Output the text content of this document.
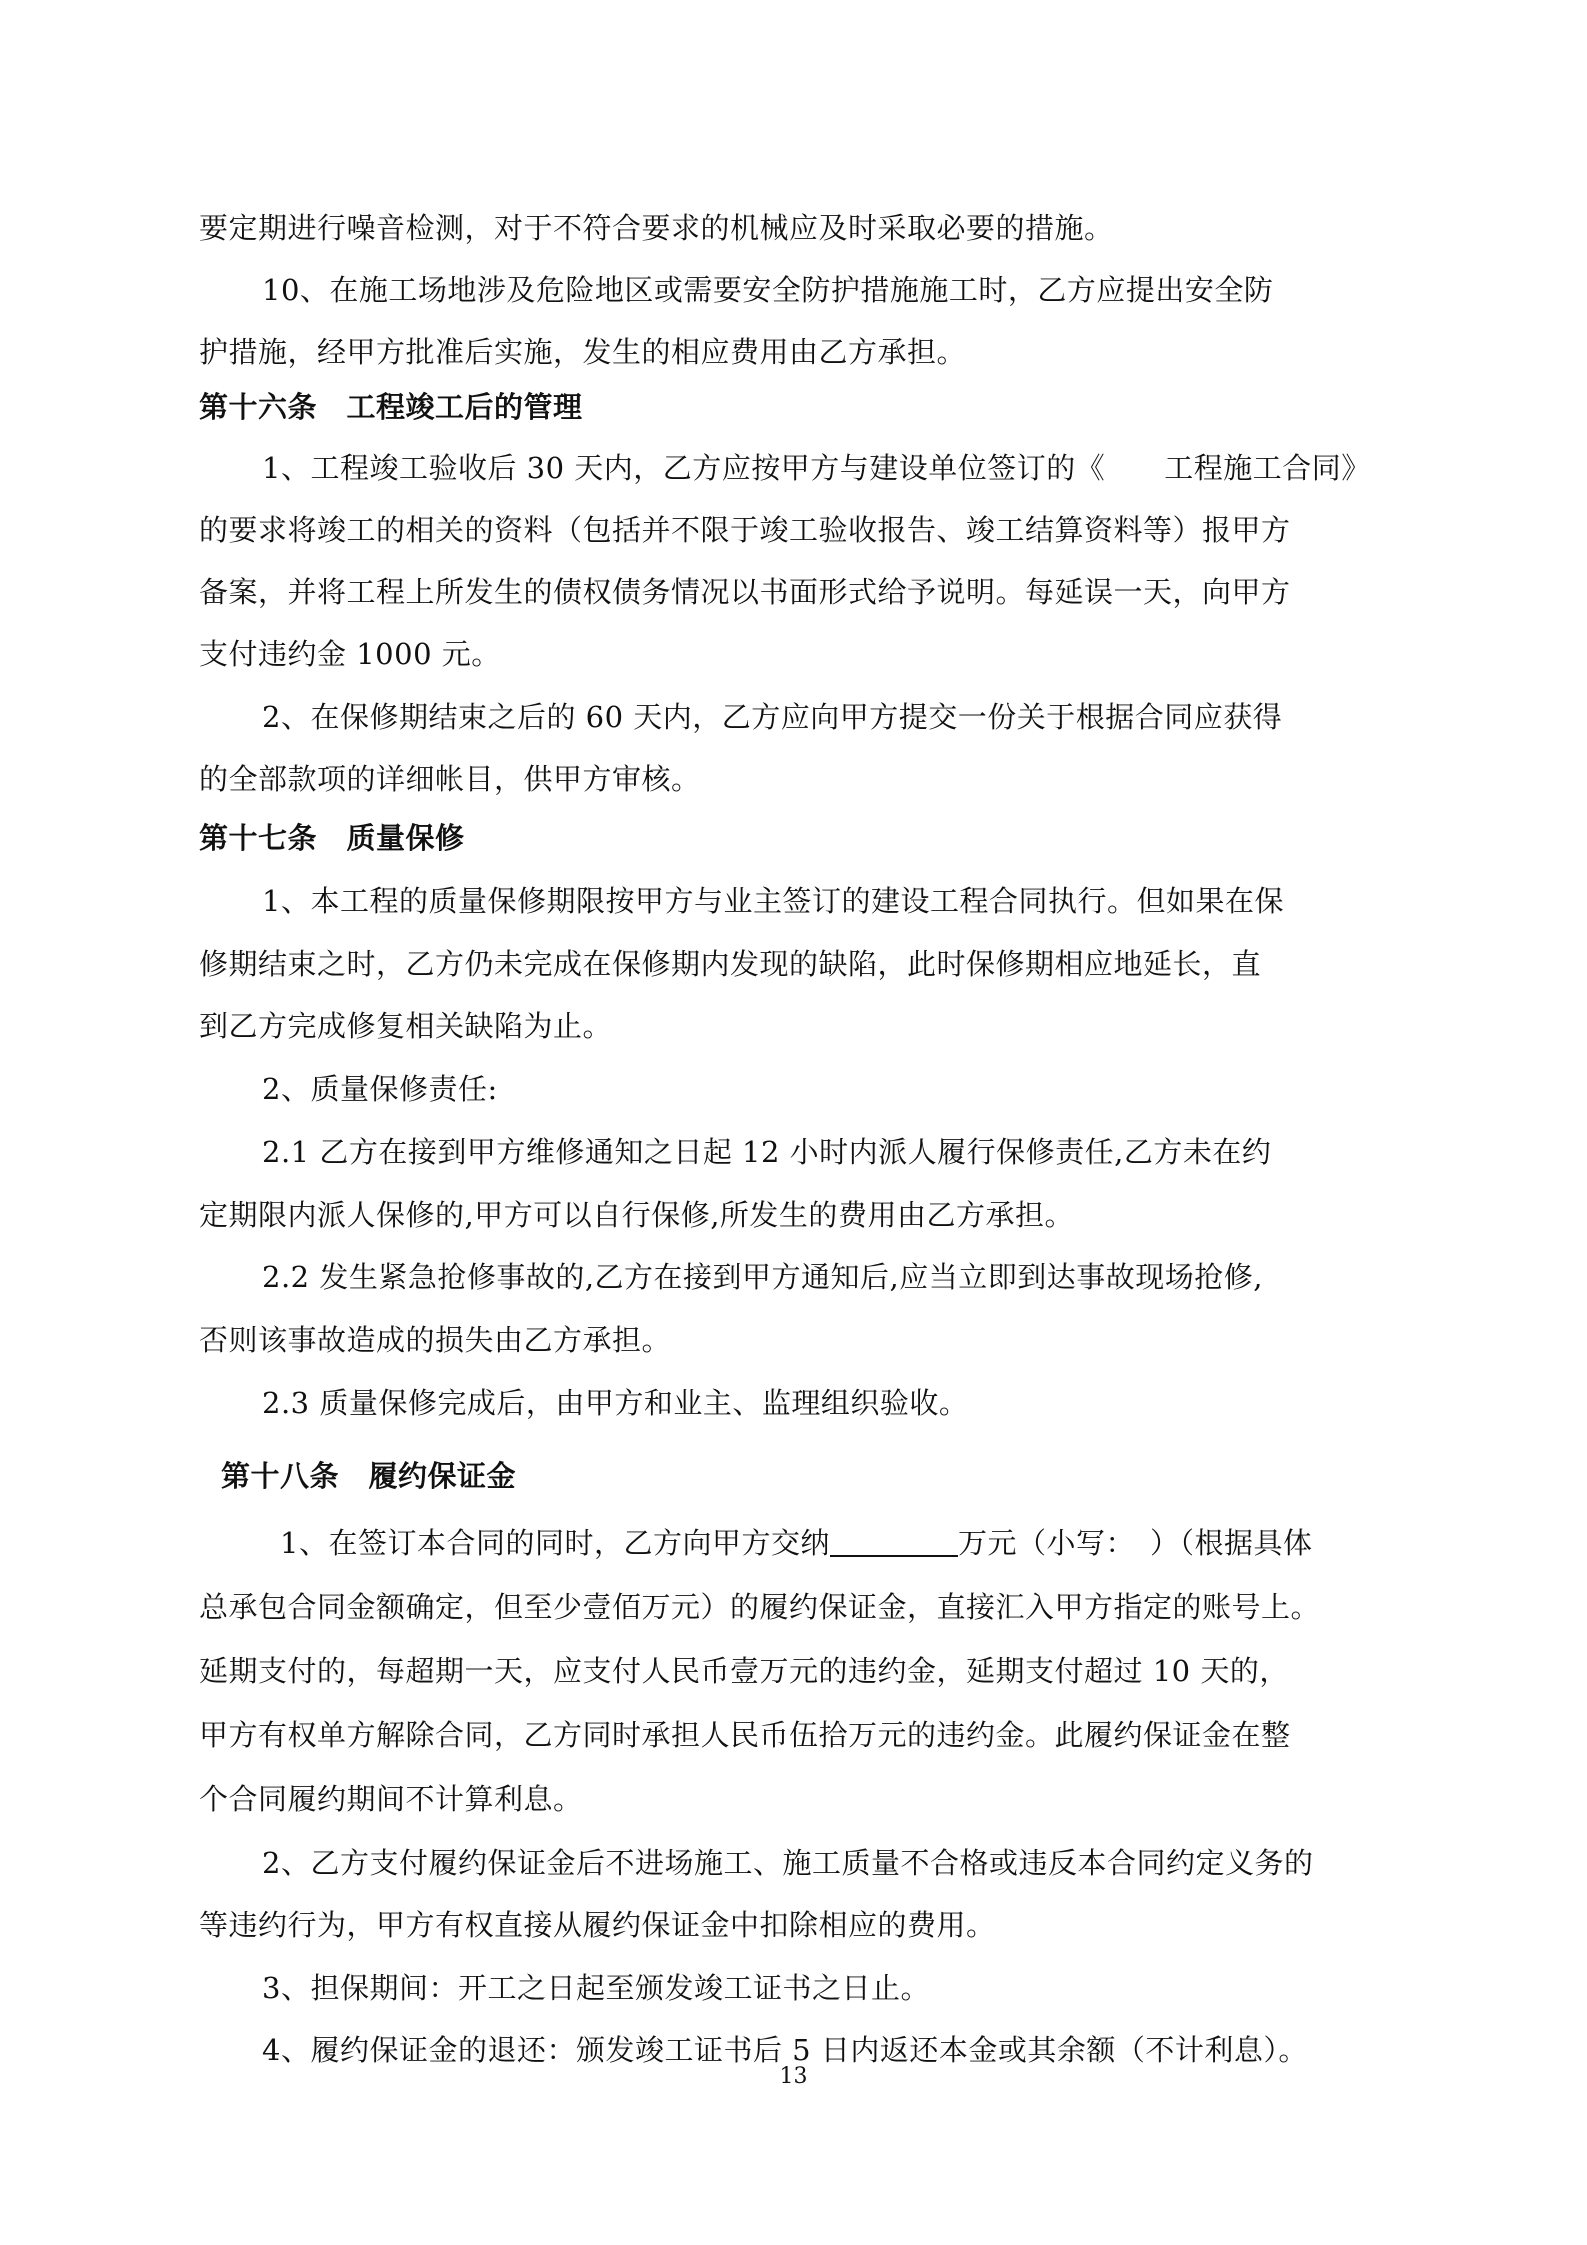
要定期进行噪音检测，对于不符合要求的机械应及时采取必要的措施。
10、在施工场地涉及危险地区或需要安全防护措施施工时，乙方应提出安全防
护措施，经甲方批准后实施，发生的相应费用由乙方承担。
第十六条　工程竣工后的管理
1、工程竣工验收后 30 天内，乙方应按甲方与建设单位签订的《　　工程施工合同》
的要求将竣工的相关的资料（包括并不限于竣工验收报告、竣工结算资料等）报甲方
备案，并将工程上所发生的债权债务情况以书面形式给予说明。每延误一天，向甲方
支付违约金 1000 元。
2、在保修期结束之后的 60 天内，乙方应向甲方提交一份关于根据合同应获得
的全部款项的详细帐目，供甲方审核。
第十七条　质量保修
1、本工程的质量保修期限按甲方与业主签订的建设工程合同执行。但如果在保
修期结束之时，乙方仍未完成在保修期内发现的缺陷，此时保修期相应地延长，直
到乙方完成修复相关缺陷为止。
2、质量保修责任:
2.1 乙方在接到甲方维修通知之日起 12 小时内派人履行保修责任,乙方未在约
定期限内派人保修的,甲方可以自行保修,所发生的费用由乙方承担。
2.2 发生紧急抢修事故的,乙方在接到甲方通知后,应当立即到达事故现场抢修,
否则该事故造成的损失由乙方承担。
2.3 质量保修完成后，由甲方和业主、监理组织验收。
第十八条　履约保证金
1、在签订本合同的同时，乙方向甲方交纳	万元（小写：　）（根据具体
总承包合同金额确定，但至少壹佰万元）的履约保证金，直接汇入甲方指定的账号上。
延期支付的，每超期一天，应支付人民币壹万元的违约金，延期支付超过 10 天的，
甲方有权单方解除合同，乙方同时承担人民币伍拾万元的违约金。此履约保证金在整
个合同履约期间不计算利息。
2、乙方支付履约保证金后不进场施工、施工质量不合格或违反本合同约定义务的
等违约行为，甲方有权直接从履约保证金中扣除相应的费用。
3、担保期间：开工之日起至颁发竣工证书之日止。
4、履约保证金的退还：颁发竣工证书后 5 日内返还本金或其余额（不计利息）。
13
